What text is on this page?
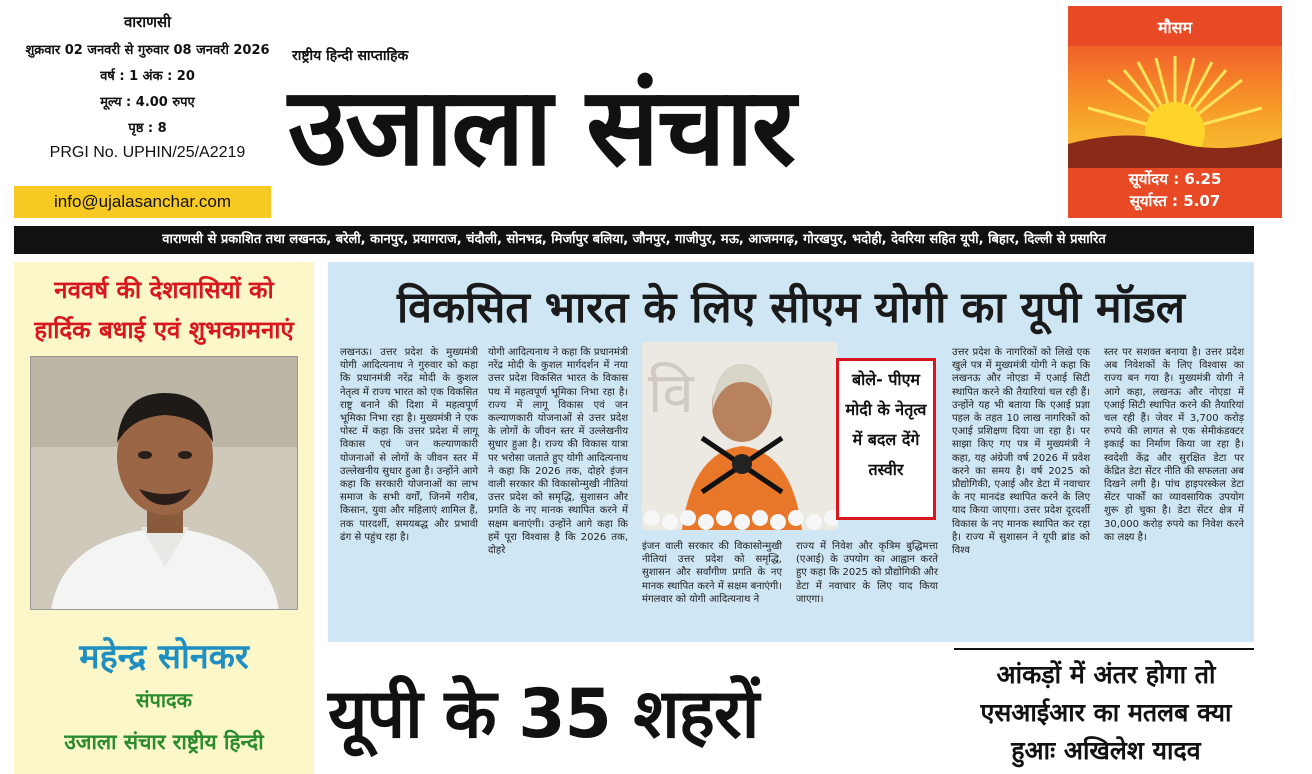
वाराणसी
शुक्रवार 02 जनवरी से गुरुवार 08 जनवरी 2026
वर्ष : 1 अंक : 20
मूल्य : 4.00 रुपए
पृष्ठ : 8
PRGI No. UPHIN/25/A2219
info@ujalasanchar.com
राष्ट्रीय हिन्दी साप्ताहिक
उजाला संचार
मौसम
सूर्योदय : 6.25
सूर्यास्त : 5.07
वाराणसी से प्रकाशित तथा लखनऊ, बरेली, कानपुर, प्रयागराज, चंदौली, सोनभद्र, मिर्जापुर बलिया, जौनपुर, गाजीपुर, मऊ, आजमगढ़, गोरखपुर, भदोही, देवरिया सहित यूपी, बिहार, दिल्ली से प्रसारित
नववर्ष की देशवासियों को
हार्दिक बधाई एवं शुभकामनाएं
महेन्द्र सोनकर
संपादक
उजाला संचार राष्ट्रीय हिन्दी
विकसित भारत के लिए सीएम योगी का यूपी मॉडल
लखनऊ। उत्तर प्रदेश के मुख्यमंत्री योगी आदित्यनाथ ने गुरुवार को कहा कि प्रधानमंत्री नरेंद्र मोदी के कुशल नेतृत्व में राज्य भारत को एक विकसित राष्ट्र बनाने की दिशा में महत्वपूर्ण भूमिका निभा रहा है। मुख्यमंत्री ने एक पोस्ट में कहा कि उत्तर प्रदेश में लागू विकास एवं जन कल्याणकारी योजनाओं से लोगों के जीवन स्तर में उल्लेखनीय सुधार हुआ है। उन्होंने आगे कहा कि सरकारी योजनाओं का लाभ समाज के सभी वर्गों, जिनमें गरीब, किसान, युवा और महिलाएं शामिल हैं, तक पारदर्शी, समयबद्ध और प्रभावी ढंग से पहुंच रहा है।
योगी आदित्यनाथ ने कहा कि प्रधानमंत्री नरेंद्र मोदी के कुशल मार्गदर्शन में नया उत्तर प्रदेश विकसित भारत के विकास पथ में महत्वपूर्ण भूमिका निभा रहा है। राज्य में लागू विकास एवं जन कल्याणकारी योजनाओं से उत्तर प्रदेश के लोगों के जीवन स्तर में उल्लेखनीय सुधार हुआ है। राज्य की विकास यात्रा पर भरोसा जताते हुए योगी आदित्यनाथ ने कहा कि 2026 तक, दोहरे इंजन वाली सरकार की विकासोन्मुखी नीतियां उत्तर प्रदेश को समृद्धि, सुशासन और प्रगति के नए मानक स्थापित करने में सक्षम बनाएंगी। उन्होंने आगे कहा कि हमें पूरा विश्वास है कि 2026 तक, दोहरे
वि	बोले- पीएम मोदी के नेतृत्व में बदल देंगे तस्वीर
इंजन वाली सरकार की विकासोन्मुखी नीतियां उत्तर प्रदेश को समृद्धि, सुशासन और सर्वांगीण प्रगति के नए मानक स्थापित करने में सक्षम बनाएंगी। मंगलवार को योगी आदित्यनाथ ने
राज्य में निवेश और कृत्रिम बुद्धिमत्ता (एआई) के उपयोग का आह्वान करते हुए कहा कि 2025 को प्रौद्योगिकी और डेटा में नवाचार के लिए याद किया जाएगा।
उत्तर प्रदेश के नागरिकों को लिखे एक खुले पत्र में मुख्यमंत्री योगी ने कहा कि लखनऊ और नोएडा में एआई सिटी स्थापित करने की तैयारियां चल रही हैं। उन्होंने यह भी बताया कि एआई प्रज्ञा पहल के तहत 10 लाख नागरिकों को एआई प्रशिक्षण दिया जा रहा है। पर साझा किए गए पत्र में मुख्यमंत्री ने कहा, यह अंग्रेजी वर्ष 2026 में प्रवेश करने का समय है। वर्ष 2025 को प्रौद्योगिकी, एआई और डेटा में नवाचार के नए मानदंड स्थापित करने के लिए याद किया जाएगा। उत्तर प्रदेश दूरदर्शी विकास के नए मानक स्थापित कर रहा है। राज्य में सुशासन ने यूपी ब्रांड को विश्व
स्तर पर सशक्त बनाया है। उत्तर प्रदेश अब निवेशकों के लिए विश्वास का राज्य बन गया है। मुख्यमंत्री योगी ने आगे कहा, लखनऊ और नोएडा में एआई सिटी स्थापित करने की तैयारियां चल रही हैं। जेवर में 3,700 करोड़ रुपये की लागत से एक सेमीकंडक्टर इकाई का निर्माण किया जा रहा है। स्वदेशी केंद्र और सुरक्षित डेटा पर केंद्रित डेटा सेंटर नीति की सफलता अब दिखने लगी है। पांच हाइपरस्केल डेटा सेंटर पार्कों का व्यावसायिक उपयोग शुरू हो चुका है। डेटा सेंटर क्षेत्र में 30,000 करोड़ रुपये का निवेश करने का लक्ष्य है।
यूपी के 35 शहरों
आंकड़ों में अंतर होगा तो एसआईआर का मतलब क्या हुआः अखिलेश यादव
